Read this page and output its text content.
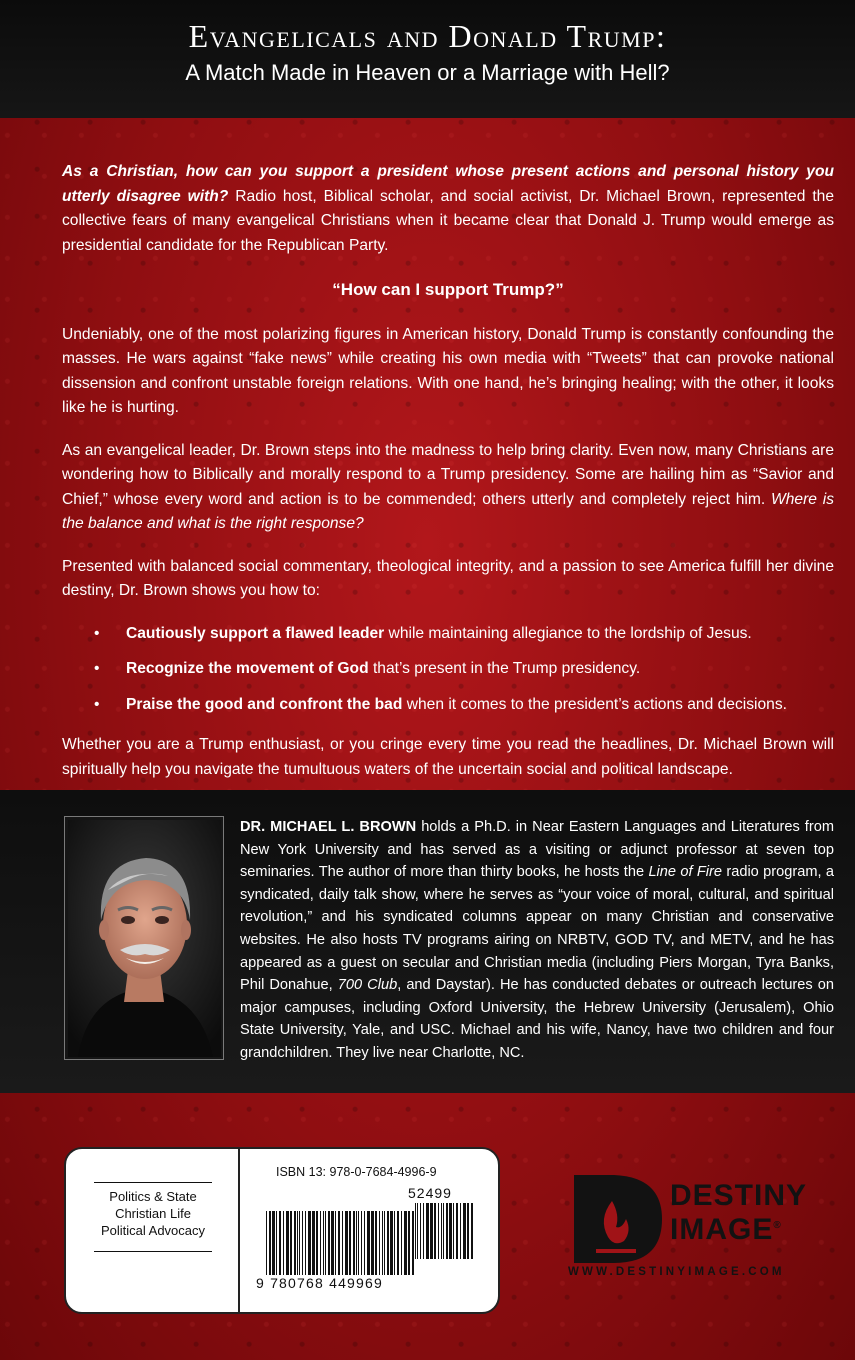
Evangelicals and Donald Trump:
A Match Made in Heaven or a Marriage with Hell?

As a Christian, how can you support a president whose present actions and personal history you utterly disagree with? Radio host, Biblical scholar, and social activist, Dr. Michael Brown, represented the collective fears of many evangelical Christians when it became clear that Donald J. Trump would emerge as presidential candidate for the Republican Party.

“How can I support Trump?”

Undeniably, one of the most polarizing figures in American history, Donald Trump is constantly confounding the masses. He wars against “fake news” while creating his own media with “Tweets” that can provoke national dissension and confront unstable foreign relations. With one hand, he’s bringing healing; with the other, it looks like he is hurting.

As an evangelical leader, Dr. Brown steps into the madness to help bring clarity. Even now, many Christians are wondering how to Biblically and morally respond to a Trump presidency. Some are hailing him as “Savior and Chief,” whose every word and action is to be commended; others utterly and completely reject him. Where is the balance and what is the right response?

Presented with balanced social commentary, theological integrity, and a passion to see America fulfill her divine destiny, Dr. Brown shows you how to:

• Cautiously support a flawed leader while maintaining allegiance to the lordship of Jesus.
• Recognize the movement of God that’s present in the Trump presidency.
• Praise the good and confront the bad when it comes to the president’s actions and decisions.

Whether you are a Trump enthusiast, or you cringe every time you read the headlines, Dr. Michael Brown will spiritually help you navigate the tumultuous waters of the uncertain social and political landscape.

DR. MICHAEL L. BROWN holds a Ph.D. in Near Eastern Languages and Literatures from New York University and has served as a visiting or adjunct professor at seven top seminaries. The author of more than thirty books, he hosts the Line of Fire radio program, a syndicated, daily talk show, where he serves as “your voice of moral, cultural, and spiritual revolution,” and his syndicated columns appear on many Christian and conservative websites. He also hosts TV programs airing on NRBTV, GOD TV, and METV, and he has appeared as a guest on secular and Christian media (including Piers Morgan, Tyra Banks, Phil Donahue, 700 Club, and Daystar). He has conducted debates or outreach lectures on major campuses, including Oxford University, the Hebrew University (Jerusalem), Ohio State University, Yale, and USC. Michael and his wife, Nancy, have two children and four grandchildren. They live near Charlotte, NC.
Politics & State
Christian Life
Political Advocacy
ISBN 13: 978-0-7684-4996-9
52499
9 780768 449969
DESTINY
IMAGE®
WWW.DESTINYIMAGE.COM
